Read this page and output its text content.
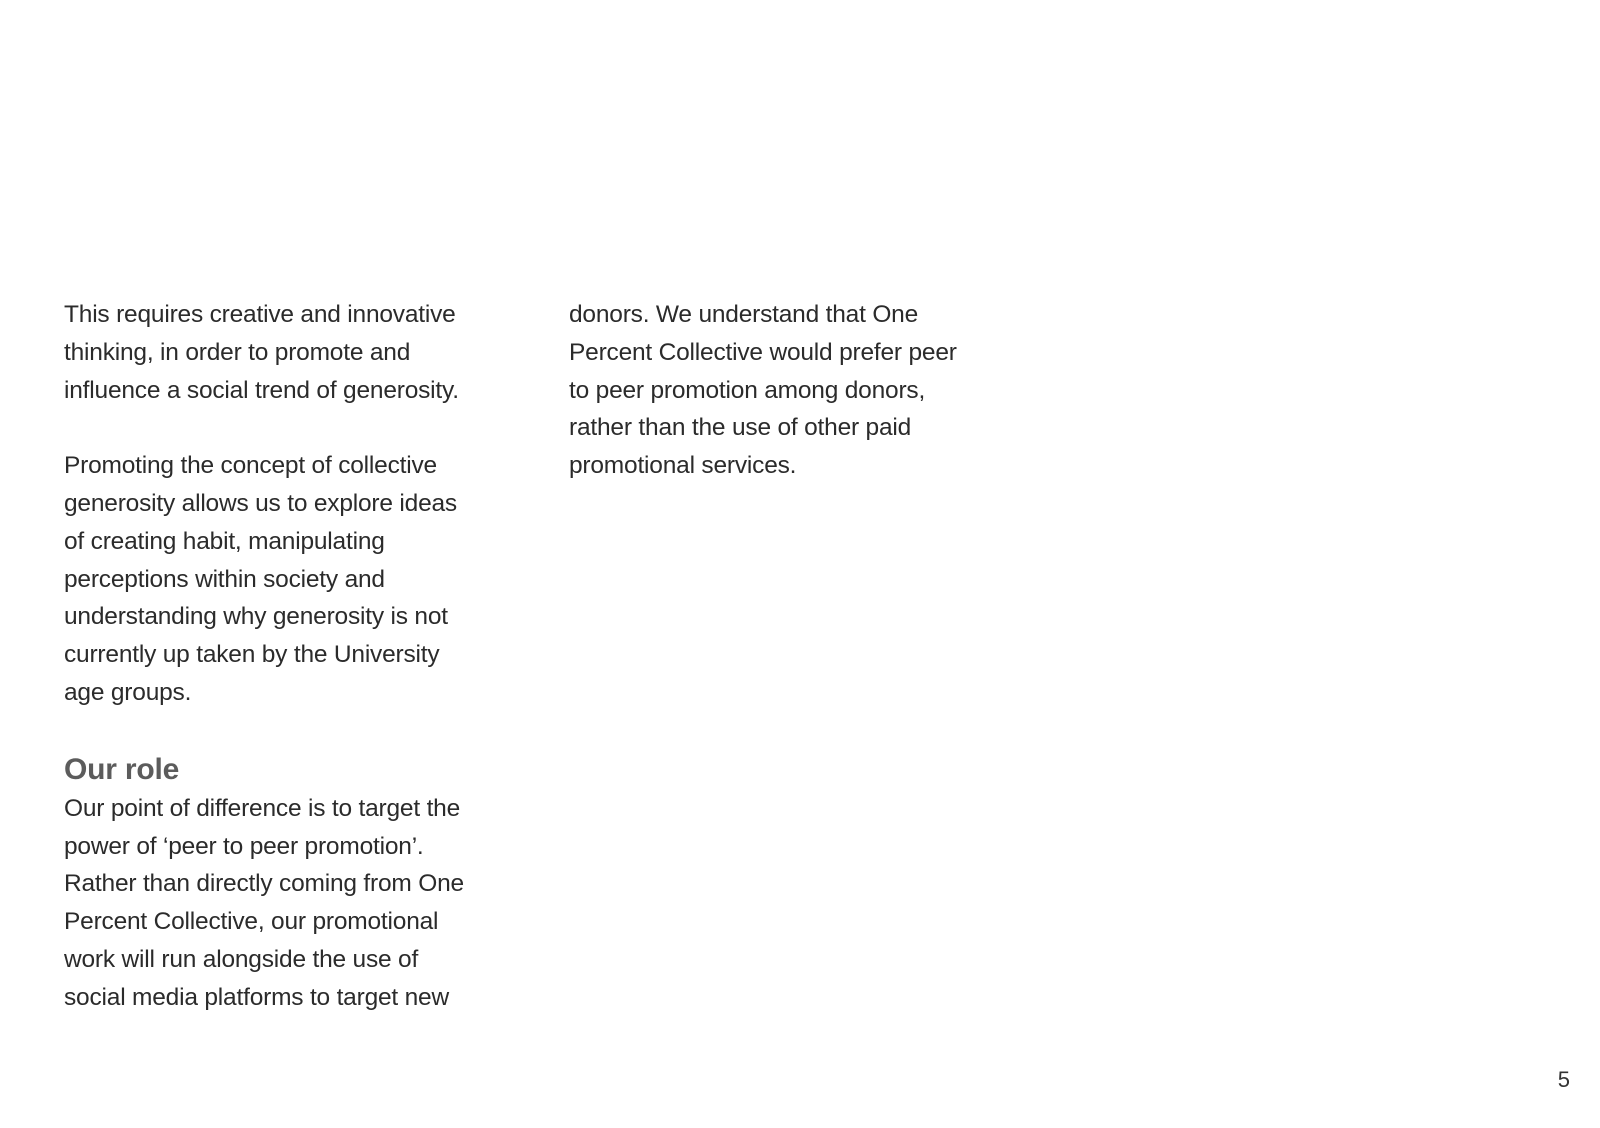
This requires creative and innovative
thinking, in order to promote and
influence a social trend of generosity.
Promoting the concept of collective
generosity allows us to explore ideas
of creating habit, manipulating
perceptions within society and
understanding why generosity is not
currently up taken by the University
age groups.
Our role
Our point of difference is to target the
power of ‘peer to peer promotion’.
Rather than directly coming from One
Percent Collective, our promotional
work will run alongside the use of
social media platforms to target new
donors. We understand that One
Percent Collective would prefer peer
to peer promotion among donors,
rather than the use of other paid
promotional services.
5
